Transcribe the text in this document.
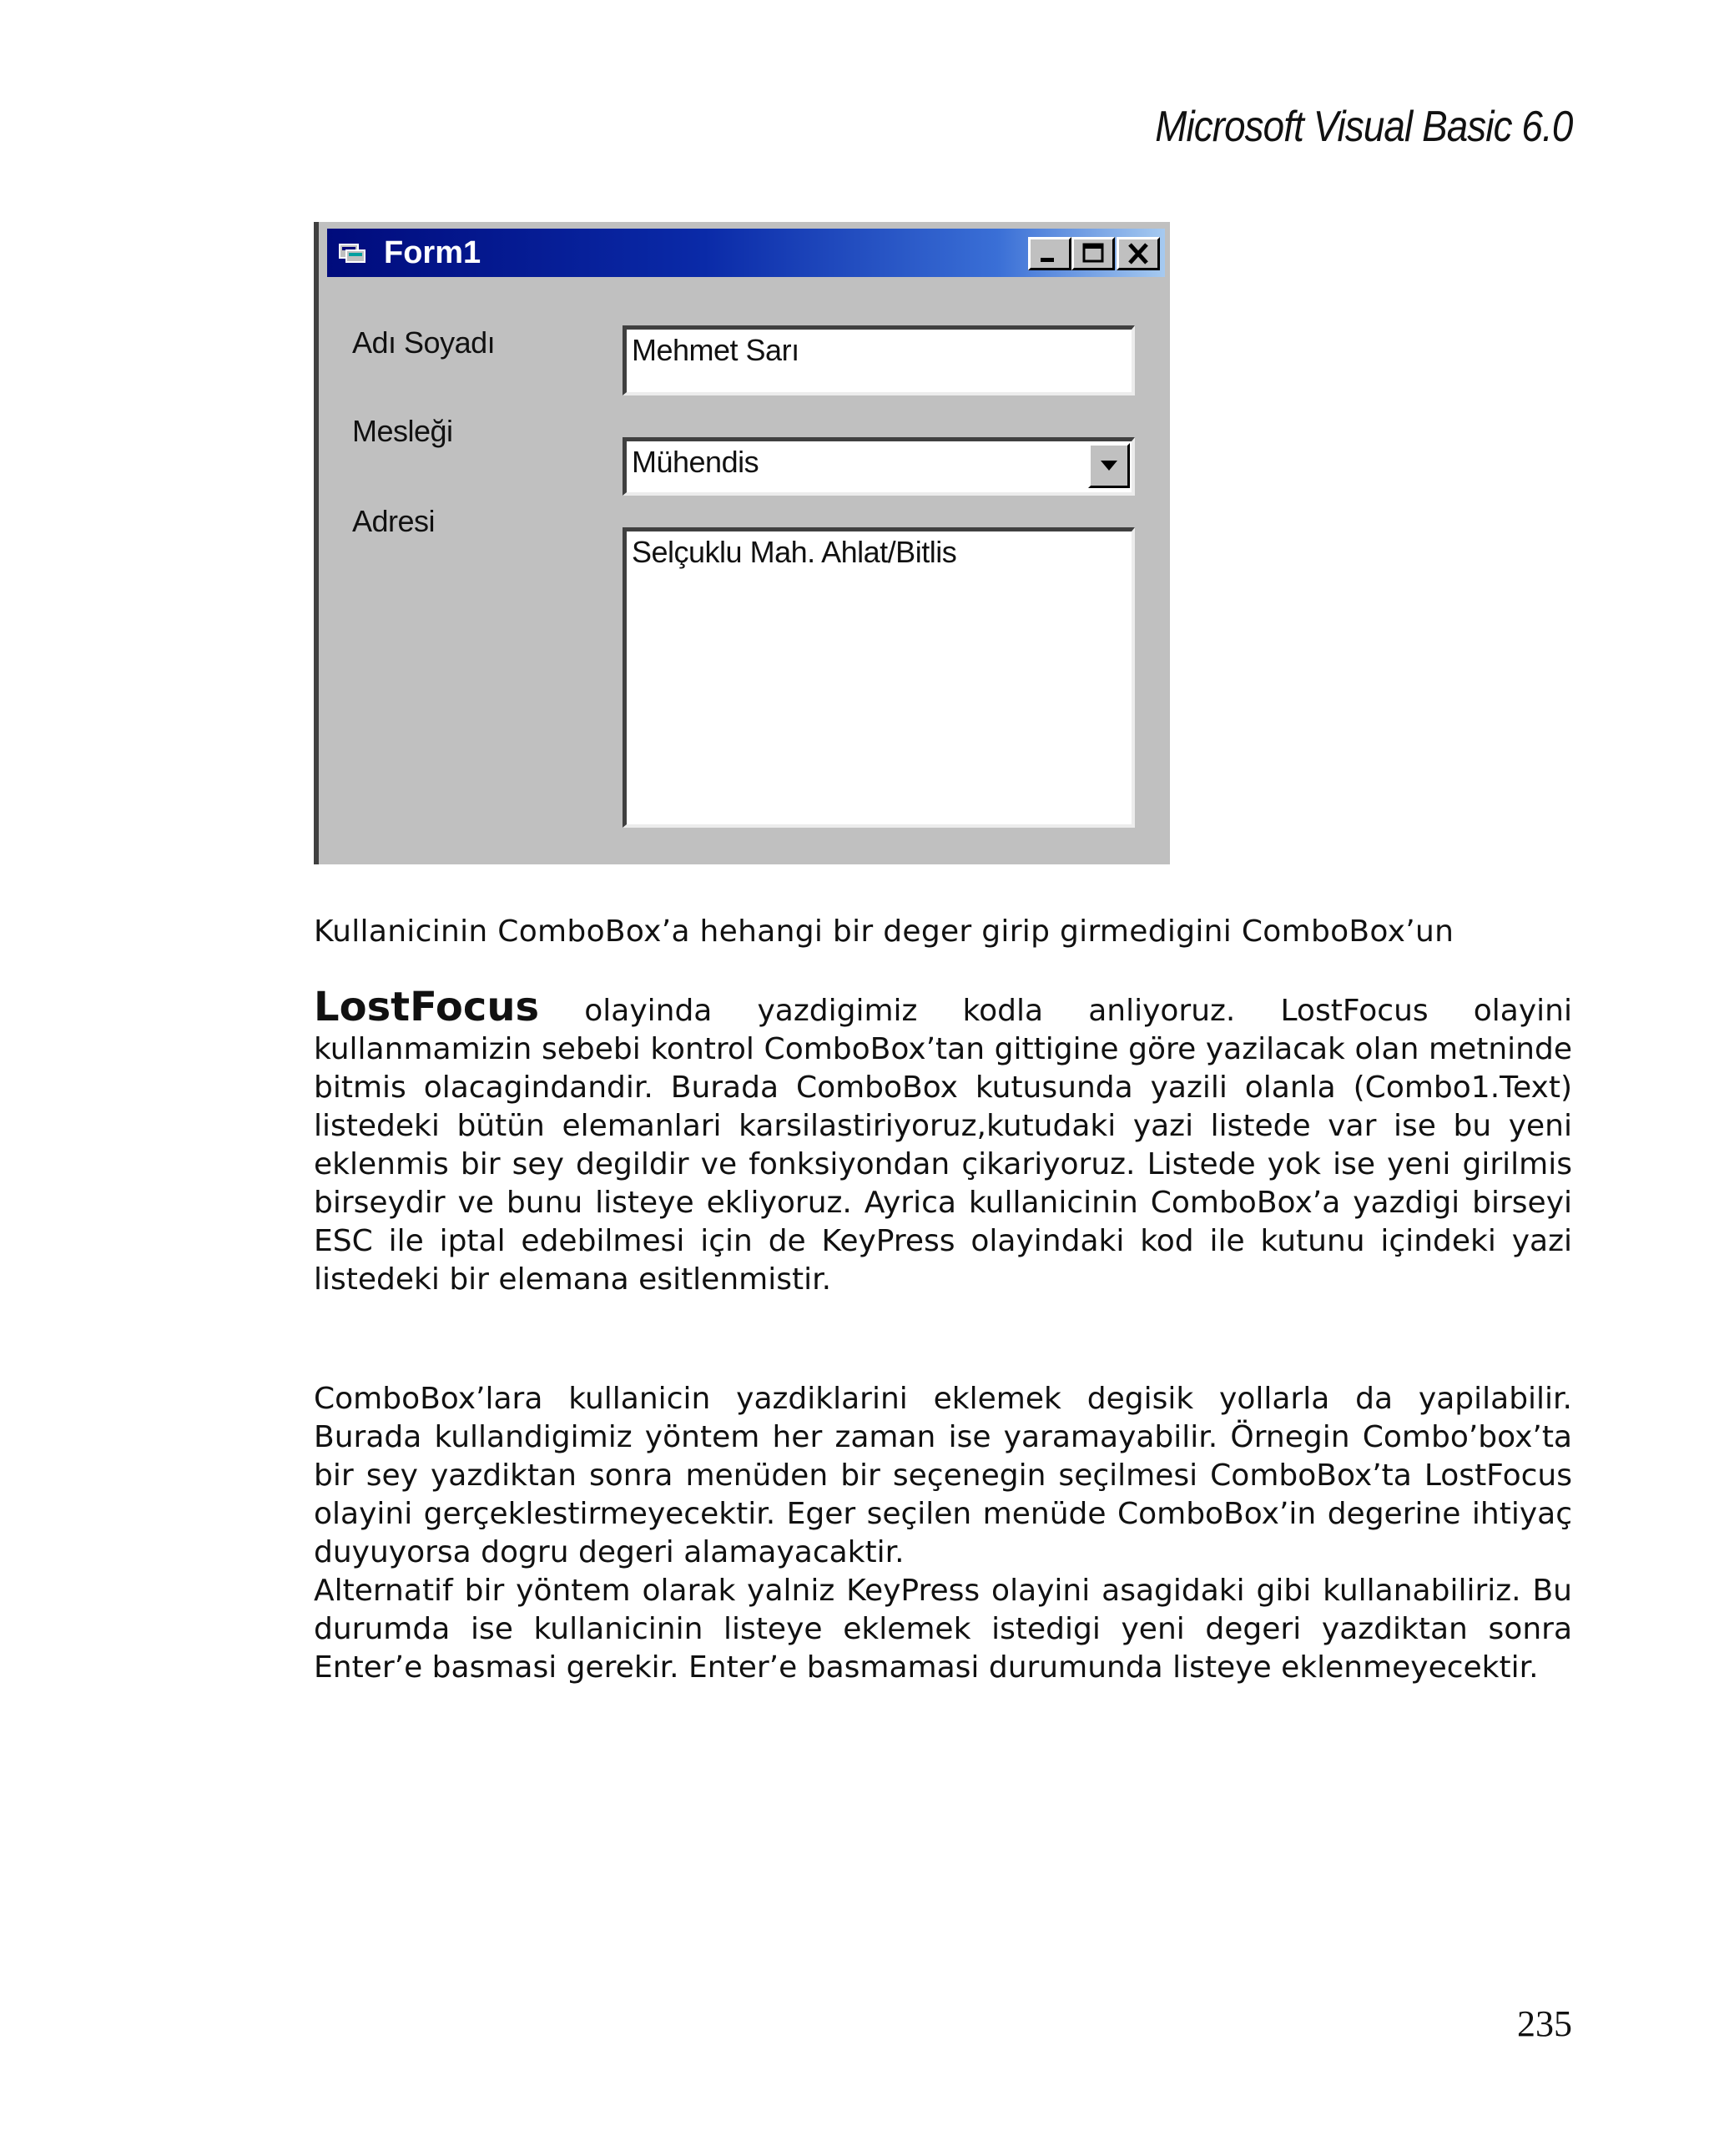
Microsoft Visual Basic 6.0
Form1
Adı Soyadı
Mesleği
Adresi
Mehmet Sarı
Mühendis
Selçuklu Mah. Ahlat/Bitlis
Kullanicinin ComboBox’a hehangi bir deger girip girmedigini ComboBox’un
LostFocus olayinda yazdigimiz kodla anliyoruz. LostFocus olayini kullanmamizin sebebi kontrol ComboBox’tan gittigine göre yazilacak olan metninde bitmis olacagindandir. Burada ComboBox kutusunda yazili olanla (Combo1.Text) listedeki bütün elemanlari karsilastiriyoruz,kutudaki yazi listede var ise bu yeni eklenmis bir sey degildir ve fonksiyondan çikariyoruz. Listede yok ise yeni girilmis birseydir ve bunu listeye ekliyoruz. Ayrica kullanicinin ComboBox’a yazdigi birseyi ESC ile iptal edebilmesi için de KeyPress olayindaki kod ile kutunu içindeki yazi listedeki bir elemana esitlenmistir.
ComboBox’lara kullanicin yazdiklarini eklemek degisik yollarla da yapilabilir. Burada kullandigimiz yöntem her zaman ise yaramayabilir. Örnegin Combo’box’ta bir sey yazdiktan sonra menüden bir seçenegin seçilmesi ComboBox’ta LostFocus olayini gerçeklestirmeyecektir. Eger seçilen menüde ComboBox’in degerine ihtiyaç duyuyorsa dogru degeri alamayacaktir.
Alternatif bir yöntem olarak yalniz KeyPress olayini asagidaki gibi kullanabiliriz. Bu durumda ise kullanicinin listeye eklemek istedigi yeni degeri yazdiktan sonra Enter’e basmasi gerekir. Enter’e basmamasi durumunda listeye eklenmeyecektir.
235
